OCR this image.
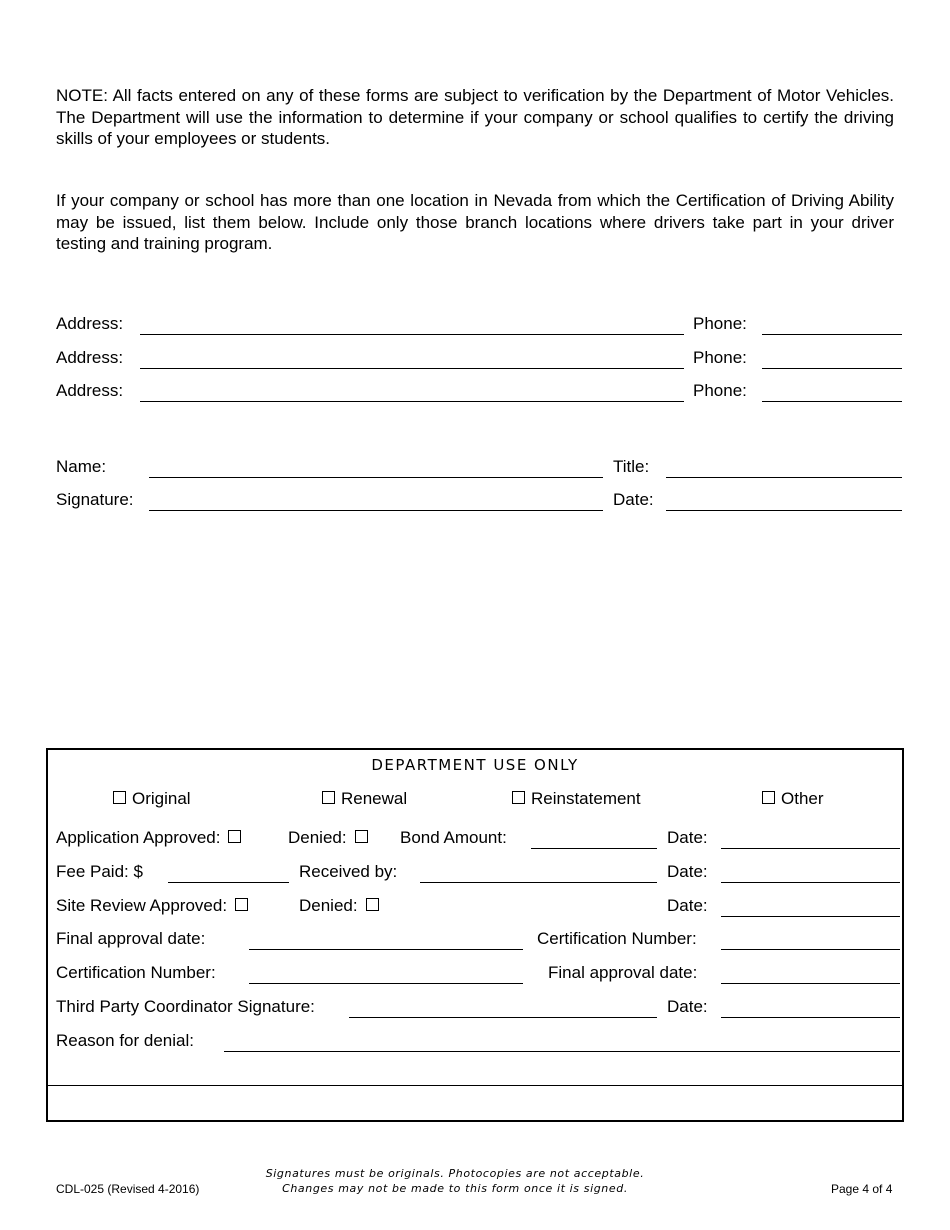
NOTE: All facts entered on any of these forms are subject to verification by the Department of Motor Vehicles. The Department will use the information to determine if your company or school qualifies to certify the driving skills of your employees or students.
If your company or school has more than one location in Nevada from which the Certification of Driving Ability may be issued, list them below. Include only those branch locations where drivers take part in your driver testing and training program.
Address:	Phone:
Address:	Phone:
Address:	Phone:
Name:	Title:
Signature:	Date:
DEPARTMENT USE ONLY
Original	Renewal	Reinstatement	Other
Application Approved:	Denied:	Bond Amount:	Date:
Fee Paid: $	Received by:	Date:
Site Review Approved:	Denied:	Date:
Final approval date:	Certification Number:
Certification Number:	Final approval date:
Third Party Coordinator Signature:	Date:
Reason for denial:
CDL-025 (Revised 4-2016)
Signatures must be originals. Photocopies are not acceptable.
Changes may not be made to this form once it is signed.	Page 4 of 4
